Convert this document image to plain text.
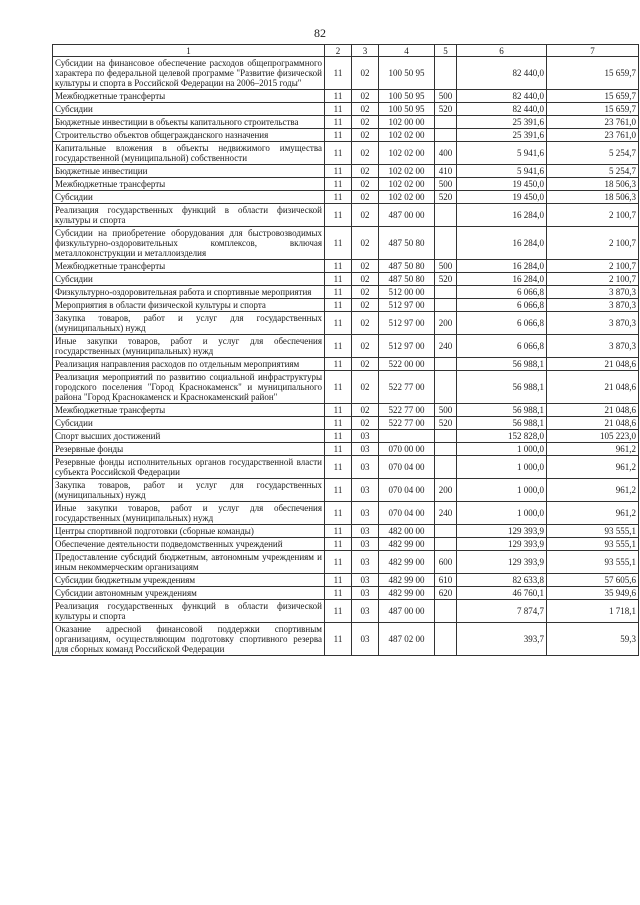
82
1	2	3	4	5	6	7
Субсидии на финансовое обеспечение расходов общепрограммного характера по федеральной целевой программе "Развитие физической культуры и спорта в Российской Федерации на 2006–2015 годы"	11	02	100 50 95		82 440,0	15 659,7
Межбюджетные трансферты	11	02	100 50 95	500	82 440,0	15 659,7
Субсидии	11	02	100 50 95	520	82 440,0	15 659,7
Бюджетные инвестиции в объекты капитального строительства	11	02	102 00 00		25 391,6	23 761,0
Строительство объектов общегражданского назначения	11	02	102 02 00		25 391,6	23 761,0
Капитальные вложения в объекты недвижимого имущества государственной (муниципальной) собственности	11	02	102 02 00	400	5 941,6	5 254,7
Бюджетные инвестиции	11	02	102 02 00	410	5 941,6	5 254,7
Межбюджетные трансферты	11	02	102 02 00	500	19 450,0	18 506,3
Субсидии	11	02	102 02 00	520	19 450,0	18 506,3
Реализация государственных функций в области физической культуры и спорта	11	02	487 00 00		16 284,0	2 100,7
Субсидии на приобретение оборудования для быстровозводимых физкультурно-оздоровительных комплексов, включая металлоконструкции и металлоизделия	11	02	487 50 80		16 284,0	2 100,7
Межбюджетные трансферты	11	02	487 50 80	500	16 284,0	2 100,7
Субсидии	11	02	487 50 80	520	16 284,0	2 100,7
Физкультурно-оздоровительная работа и спортивные мероприятия	11	02	512 00 00		6 066,8	3 870,3
Мероприятия в области физической культуры и спорта	11	02	512 97 00		6 066,8	3 870,3
Закупка товаров, работ и услуг для государственных (муниципальных) нужд	11	02	512 97 00	200	6 066,8	3 870,3
Иные закупки товаров, работ и услуг для обеспечения государственных (муниципальных) нужд	11	02	512 97 00	240	6 066,8	3 870,3
Реализация направления расходов по отдельным мероприятиям	11	02	522 00 00		56 988,1	21 048,6
Реализация мероприятий по развитию социальной инфраструктуры городского поселения "Город Краснокаменск" и муниципального района "Город Краснокаменск и Краснокаменский район"	11	02	522 77 00		56 988,1	21 048,6
Межбюджетные трансферты	11	02	522 77 00	500	56 988,1	21 048,6
Субсидии	11	02	522 77 00	520	56 988,1	21 048,6
Спорт высших достижений	11	03			152 828,0	105 223,0
Резервные фонды	11	03	070 00 00		1 000,0	961,2
Резервные фонды исполнительных органов государственной власти субъекта Российской Федерации	11	03	070 04 00		1 000,0	961,2
Закупка товаров, работ и услуг для государственных (муниципальных) нужд	11	03	070 04 00	200	1 000,0	961,2
Иные закупки товаров, работ и услуг для обеспечения государственных (муниципальных) нужд	11	03	070 04 00	240	1 000,0	961,2
Центры спортивной подготовки (сборные команды)	11	03	482 00 00		129 393,9	93 555,1
Обеспечение деятельности подведомственных учреждений	11	03	482 99 00		129 393,9	93 555,1
Предоставление субсидий бюджетным, автономным учреждениям и иным некоммерческим организациям	11	03	482 99 00	600	129 393,9	93 555,1
Субсидии бюджетным учреждениям	11	03	482 99 00	610	82 633,8	57 605,6
Субсидии автономным учреждениям	11	03	482 99 00	620	46 760,1	35 949,6
Реализация государственных функций в области физической культуры и спорта	11	03	487 00 00		7 874,7	1 718,1
Оказание адресной финансовой поддержки спортивным организациям, осуществляющим подготовку спортивного резерва для сборных команд Российской Федерации	11	03	487 02 00		393,7	59,3
